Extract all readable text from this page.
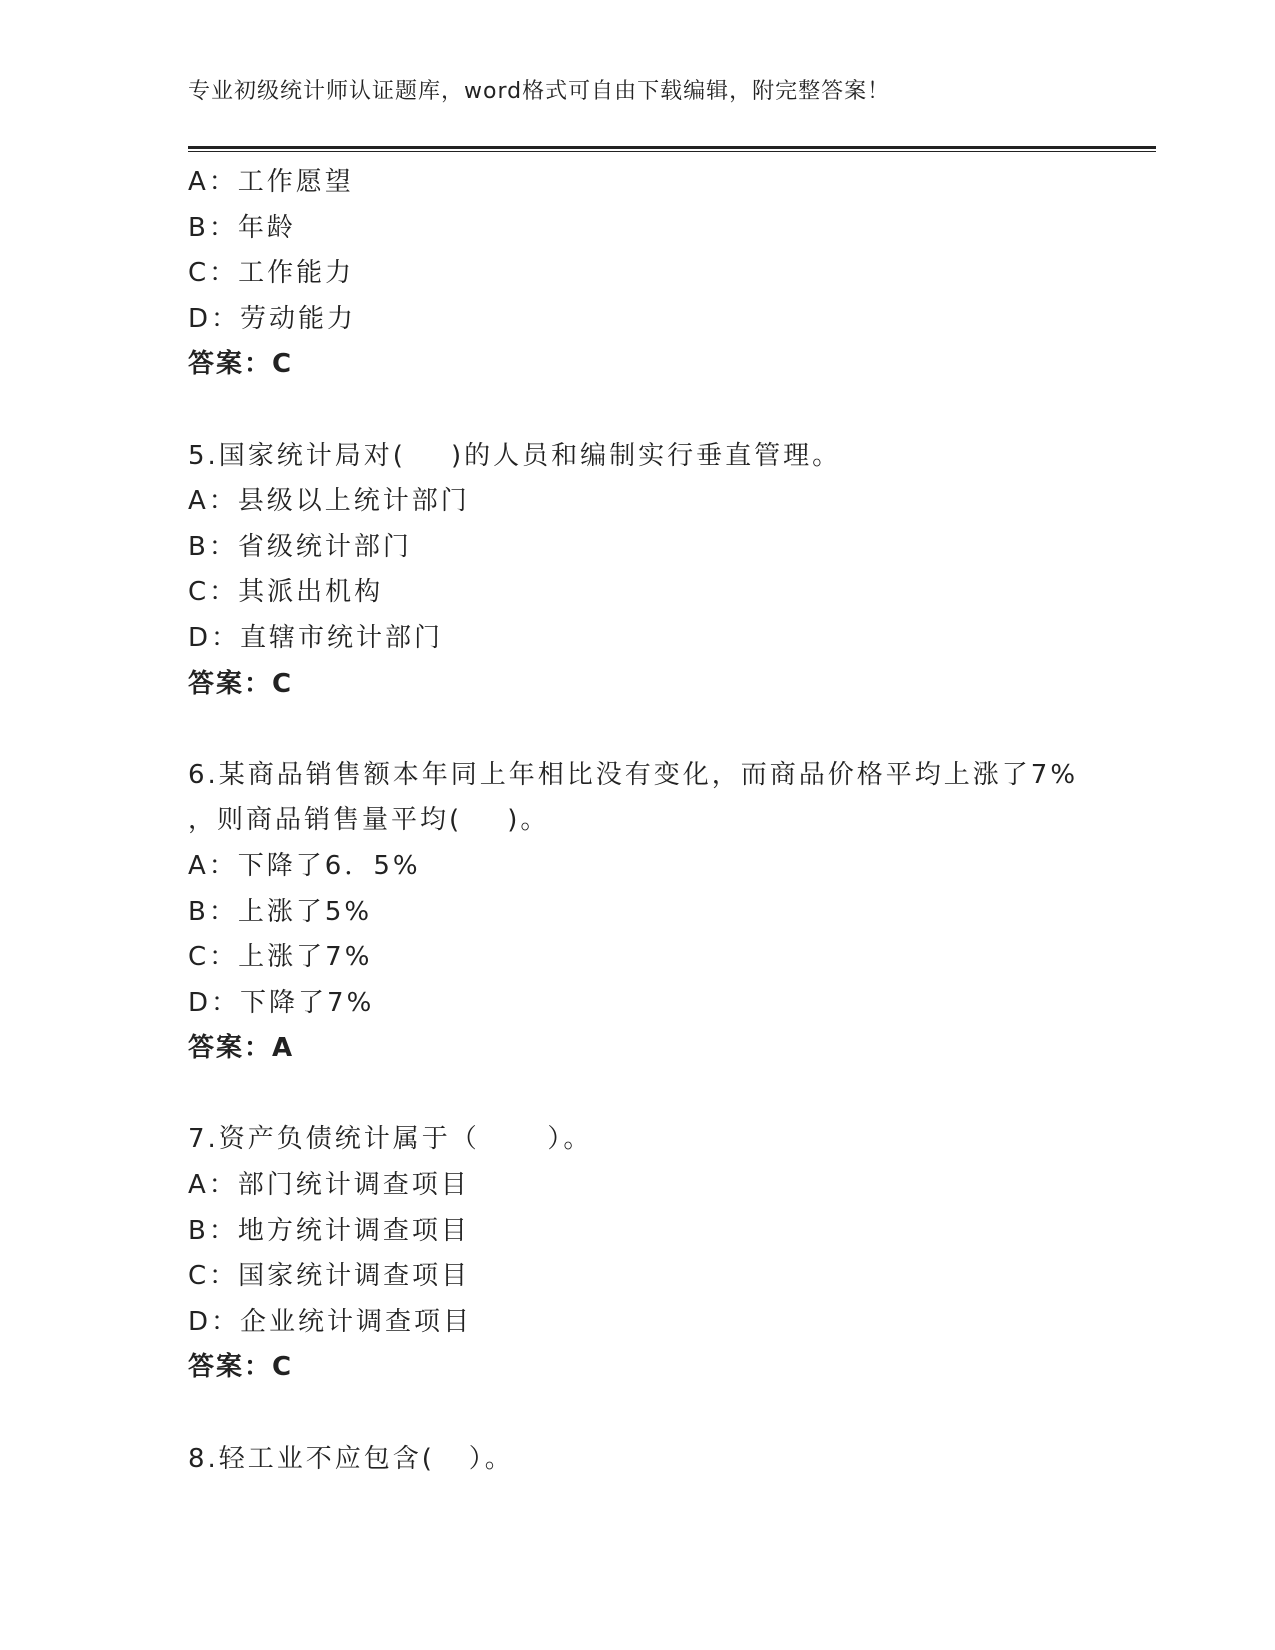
专业初级统计师认证题库，word格式可自由下载编辑，附完整答案！
A：工作愿望
B：年龄
C：工作能力
D：劳动能力
答案：C
5.国家统计局对(    )的人员和编制实行垂直管理。
A：县级以上统计部门
B：省级统计部门
C：其派出机构
D：直辖市统计部门
答案：C
6.某商品销售额本年同上年相比没有变化，而商品价格平均上涨了7%
，则商品销售量平均(    )。
A：下降了6．5%
B：上涨了5%
C：上涨了7%
D：下降了7%
答案：A
7.资产负债统计属于（      ）。
A：部门统计调查项目
B：地方统计调查项目
C：国家统计调查项目
D：企业统计调查项目
答案：C
8.轻工业不应包含(   ）。
